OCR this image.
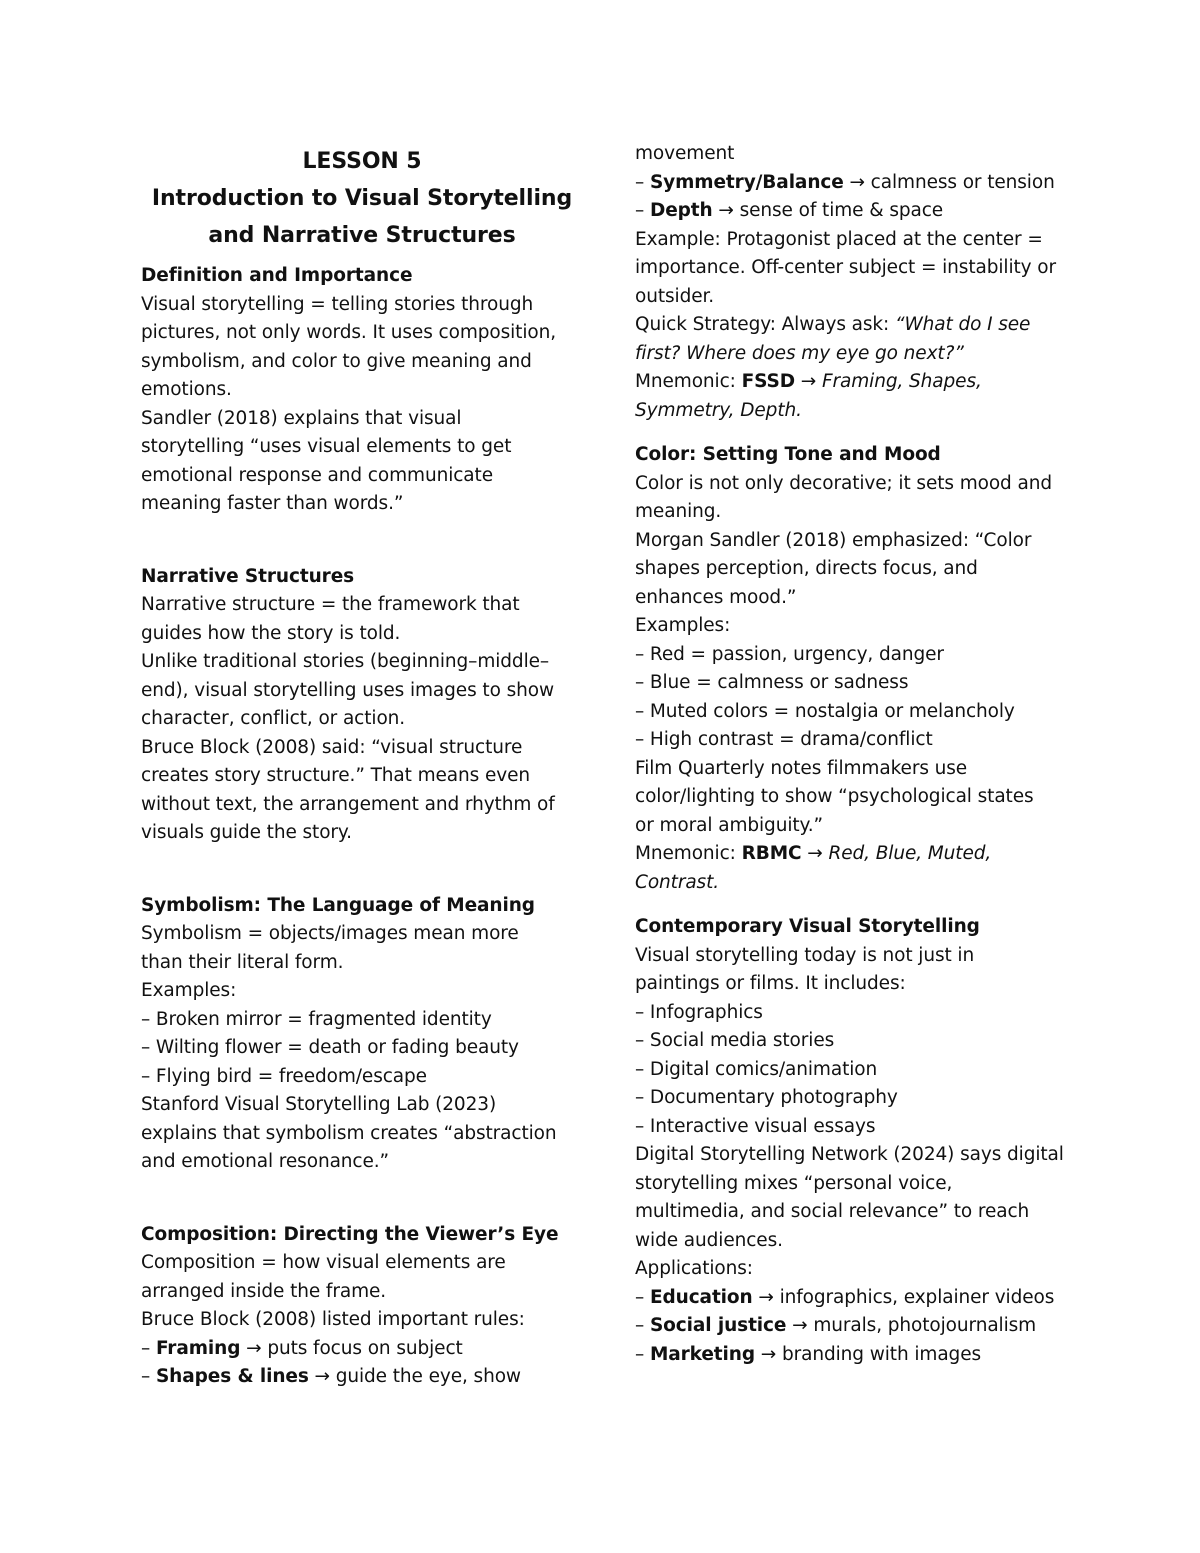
LESSON 5
Introduction to Visual Storytelling
and Narrative Structures
Definition and Importance
Visual storytelling = telling stories through
pictures, not only words. It uses composition,
symbolism, and color to give meaning and
emotions.
Sandler (2018) explains that visual
storytelling “uses visual elements to get
emotional response and communicate
meaning faster than words.”
Narrative Structures
Narrative structure = the framework that
guides how the story is told.
Unlike traditional stories (beginning–middle–
end), visual storytelling uses images to show
character, conflict, or action.
Bruce Block (2008) said: “visual structure
creates story structure.” That means even
without text, the arrangement and rhythm of
visuals guide the story.
Symbolism: The Language of Meaning
Symbolism = objects/images mean more
than their literal form.
Examples:
– Broken mirror = fragmented identity
– Wilting flower = death or fading beauty
– Flying bird = freedom/escape
Stanford Visual Storytelling Lab (2023)
explains that symbolism creates “abstraction
and emotional resonance.”
Composition: Directing the Viewer’s Eye
Composition = how visual elements are
arranged inside the frame.
Bruce Block (2008) listed important rules:
– Framing → puts focus on subject
– Shapes & lines → guide the eye, show
movement
– Symmetry/Balance → calmness or tension
– Depth → sense of time & space
Example: Protagonist placed at the center =
importance. Off-center subject = instability or
outsider.
Quick Strategy: Always ask: “What do I see
first? Where does my eye go next?”
Mnemonic: FSSD → Framing, Shapes,
Symmetry, Depth.
Color: Setting Tone and Mood
Color is not only decorative; it sets mood and
meaning.
Morgan Sandler (2018) emphasized: “Color
shapes perception, directs focus, and
enhances mood.”
Examples:
– Red = passion, urgency, danger
– Blue = calmness or sadness
– Muted colors = nostalgia or melancholy
– High contrast = drama/conflict
Film Quarterly notes filmmakers use
color/lighting to show “psychological states
or moral ambiguity.”
Mnemonic: RBMC → Red, Blue, Muted,
Contrast.
Contemporary Visual Storytelling
Visual storytelling today is not just in
paintings or films. It includes:
– Infographics
– Social media stories
– Digital comics/animation
– Documentary photography
– Interactive visual essays
Digital Storytelling Network (2024) says digital
storytelling mixes “personal voice,
multimedia, and social relevance” to reach
wide audiences.
Applications:
– Education → infographics, explainer videos
– Social justice → murals, photojournalism
– Marketing → branding with images
